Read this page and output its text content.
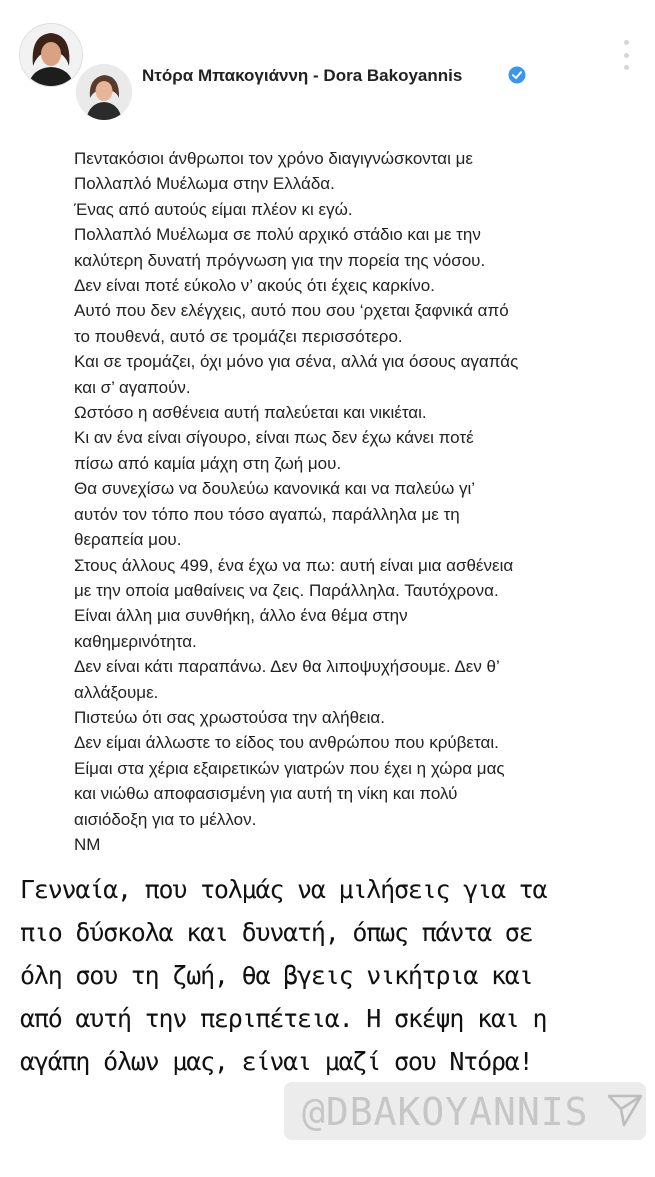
Ντόρα Μπακογιάννη - Dora Bakoyannis
Πεντακόσιοι άνθρωποι τον χρόνο διαγιγνώσκονται με
Πολλαπλό Μυέλωμα στην Ελλάδα.
Ένας από αυτούς είμαι πλέον κι εγώ.
Πολλαπλό Μυέλωμα σε πολύ αρχικό στάδιο και με την
καλύτερη δυνατή πρόγνωση για την πορεία της νόσου.
Δεν είναι ποτέ εύκολο ν’ ακούς ότι έχεις καρκίνο.
Αυτό που δεν ελέγχεις, αυτό που σου ‘ρχεται ξαφνικά από
το πουθενά, αυτό σε τρομάζει περισσότερο.
Και σε τρομάζει, όχι μόνο για σένα, αλλά για όσους αγαπάς
και σ’ αγαπούν.
Ωστόσο η ασθένεια αυτή παλεύεται και νικιέται.
Κι αν ένα είναι σίγουρο, είναι πως δεν έχω κάνει ποτέ
πίσω από καμία μάχη στη ζωή μου.
Θα συνεχίσω να δουλεύω κανονικά και να παλεύω γι’
αυτόν τον τόπο που τόσο αγαπώ, παράλληλα με τη
θεραπεία μου.
Στους άλλους 499, ένα έχω να πω: αυτή είναι μια ασθένεια
με την οποία μαθαίνεις να ζεις. Παράλληλα. Ταυτόχρονα.
Είναι άλλη μια συνθήκη, άλλο ένα θέμα στην
καθημερινότητα.
Δεν είναι κάτι παραπάνω. Δεν θα λιποψυχήσουμε. Δεν θ’
αλλάξουμε.
Πιστεύω ότι σας χρωστούσα την αλήθεια.
Δεν είμαι άλλωστε το είδος του ανθρώπου που κρύβεται.
Είμαι στα χέρια εξαιρετικών γιατρών που έχει η χώρα μας
και νιώθω αποφασισμένη για αυτή τη νίκη και πολύ
αισιόδοξη για το μέλλον.
ΝΜ
Γενναία, που τολμάς να μιλήσεις για τα
πιο δύσκολα και δυνατή, όπως πάντα σε
όλη σου τη ζωή, θα βγεις νικήτρια και
από αυτή την περιπέτεια. Η σκέψη και η
αγάπη όλων μας, είναι μαζί σου Ντόρα!
@DBAKOYANNIS
olgakefalogianni	27 λεπ.
